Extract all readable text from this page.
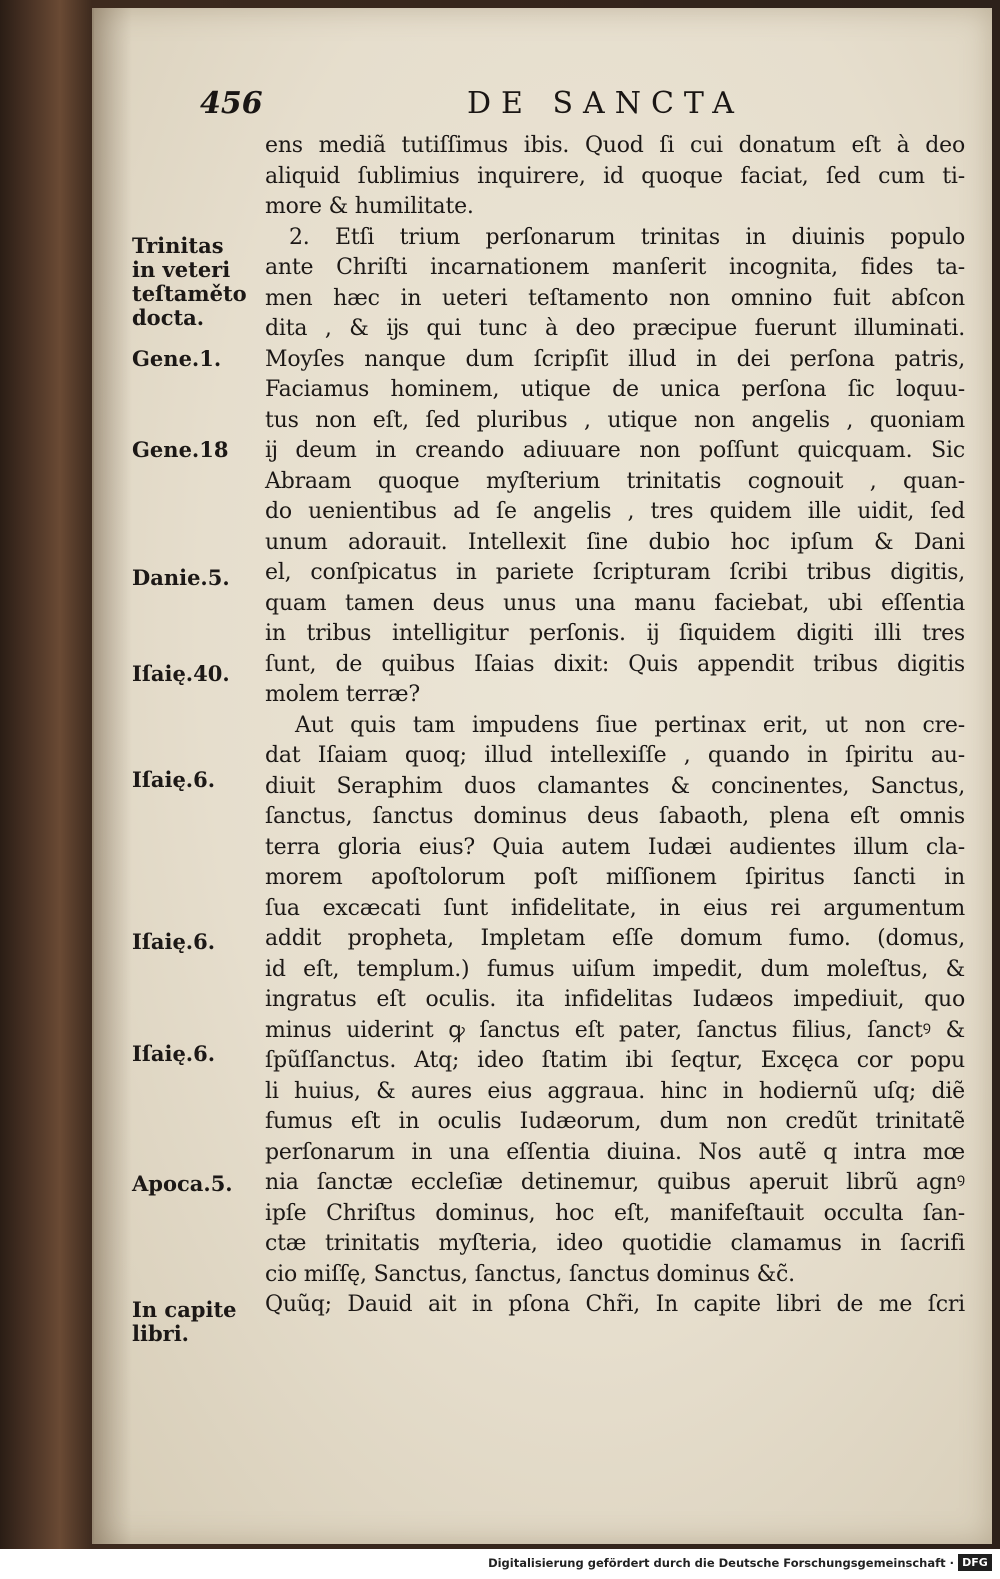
456	DE SANCTA
ens mediã tutiſſimus ibis. Quod ſi cui donatum eſt à deo
aliquid ſublimius inquirere, id quoque faciat, ſed cum ti-
more & humilitate.
2. Etſi trium perſonarum trinitas in diuinis populo
ante Chriſti incarnationem manſerit incognita, fides ta-
men hæc in ueteri teſtamento non omnino fuit abſcon
dita , & ĳs qui tunc à deo præcipue fuerunt illuminati.
Moyſes nanque dum ſcripſit illud in dei perſona patris,
Faciamus hominem, utique de unica perſona ſic loquu-
tus non eſt, ſed pluribus , utique non angelis , quoniam
ĳ deum in creando adiuuare non poſſunt quicquam. Sic
Abraam quoque myſterium trinitatis cognouit , quan-
do uenientibus ad ſe angelis , tres quidem ille uidit, ſed
unum adorauit. Intellexit ſine dubio hoc ipſum & Dani
el, conſpicatus in pariete ſcripturam ſcribi tribus digitis,
quam tamen deus unus una manu faciebat, ubi eſſentia
in tribus intelligitur perſonis. ĳ ſiquidem digiti illi tres
ſunt, de quibus Iſaias dixit: Quis appendit tribus digitis
molem terræ?
Aut quis tam impudens ſiue pertinax erit, ut non cre-
dat Iſaiam quoq; illud intellexiſſe , quando in ſpiritu au-
diuit Seraphim duos clamantes & concinentes, Sanctus,
ſanctus, ſanctus dominus deus ſabaoth, plena eſt omnis
terra gloria eius? Quia autem Iudæi audientes illum cla-
morem apoſtolorum poſt miſſionem ſpiritus ſancti in
ſua excæcati ſunt infidelitate, in eius rei argumentum
addit propheta, Impletam eſſe domum fumo. (domus,
id eſt, templum.) fumus uiſum impedit, dum moleſtus, &
ingratus eſt oculis. ita infidelitas Iudæos impediuit, quo
minus uiderint ꝙ ſanctus eſt pater, ſanctus filius, ſanctꝰ &
ſpũſſanctus. Atq; ideo ſtatim ibi ſeqtur, Excęca cor popu
li huius, & aures eius aggraua. hinc in hodiernũ uſq; diẽ
fumus eſt in oculis Iudæorum, dum non credũt trinitatẽ
perſonarum in una eſſentia diuina. Nos autẽ q intra mœ
nia ſanctæ eccleſiæ detinemur, quibus aperuit librũ agnꝰ
ipſe Chriſtus dominus, hoc eſt, manifeſtauit occulta ſan-
ctæ trinitatis myſteria, ideo quotidie clamamus in ſacrifi
cio miſſę, Sanctus, ſanctus, ſanctus dominus &c̃.
Quũq; Dauid ait in pſona Chr̃i, In capite libri de me ſcri
Trinitas
in veteri
teſtaměto
docta.
Gene.1.
Gene.18
Danie.5.
Iſaię.40.
Iſaię.6.
Iſaię.6.
Iſaię.6.
Apoca.5.
In capite
libri.
Digitalisierung gefördert durch die Deutsche Forschungsgemeinschaft · DFG
